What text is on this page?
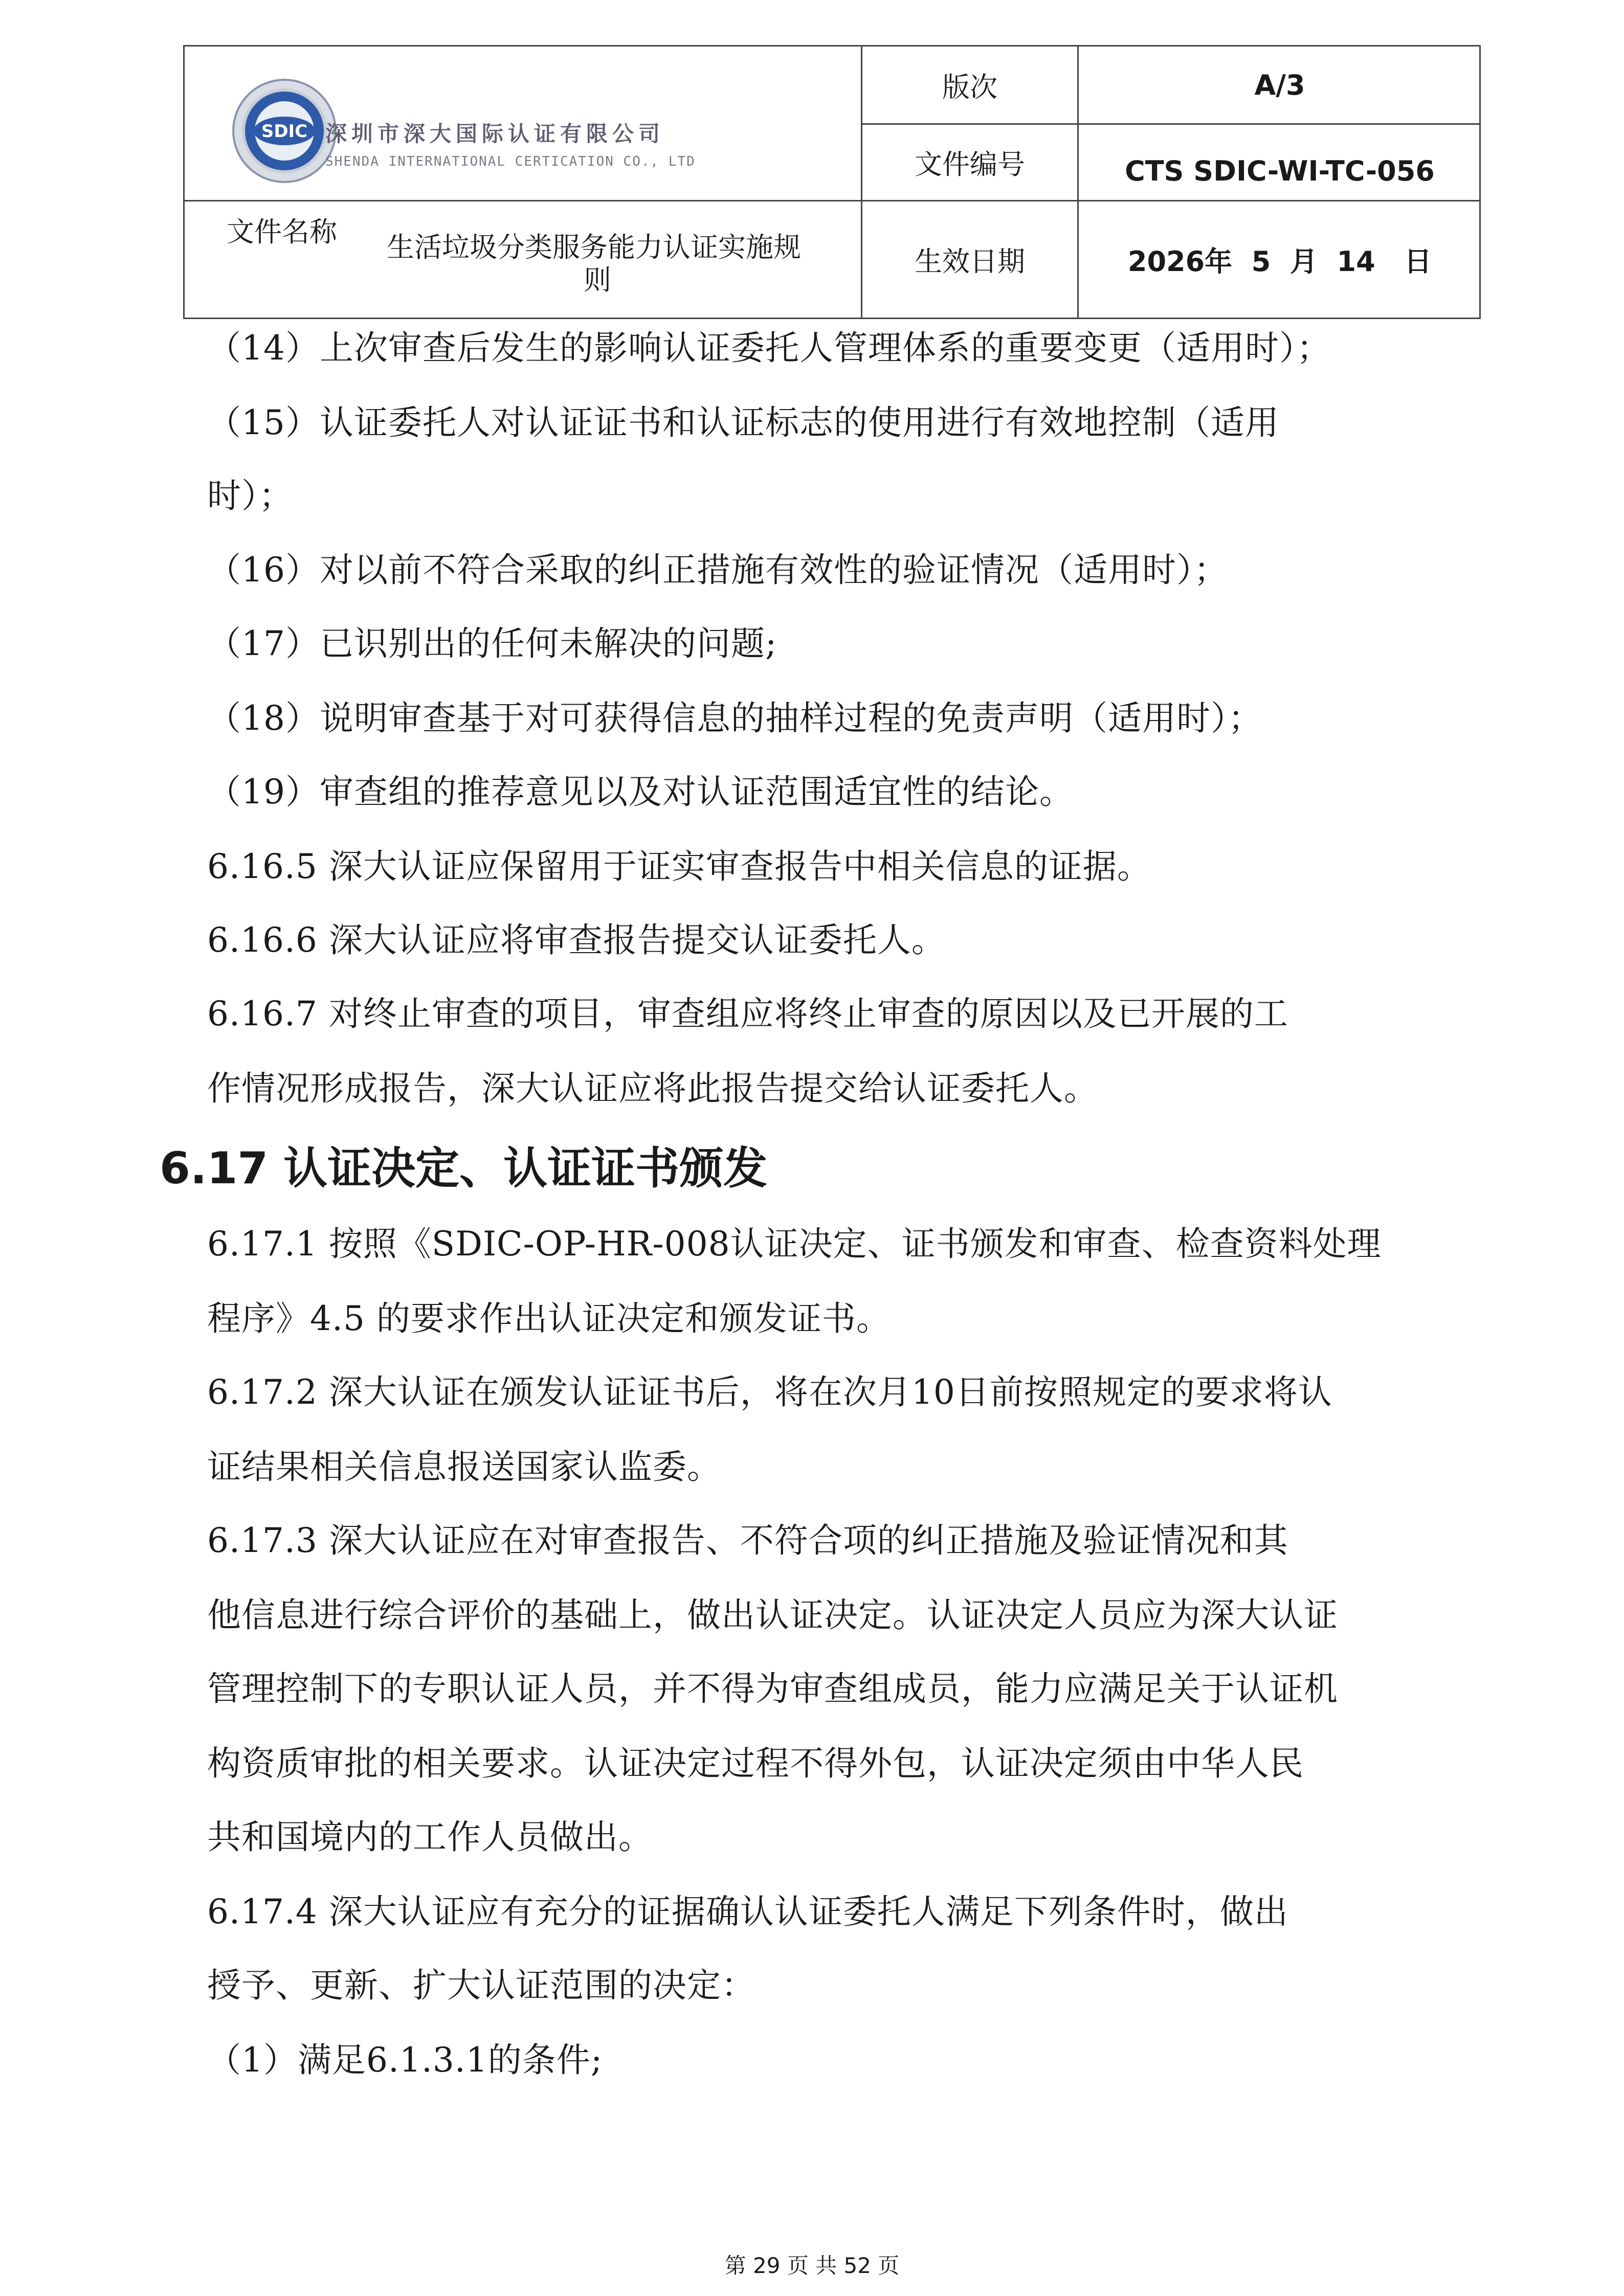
SDIC 深圳市深大国际认证有限公司
SHENDA INTERNATIONAL CERTICATION CO., LTD
版次	A/3
文件编号	CTS SDIC-WI-TC-056
文件名称	生活垃圾分类服务能力认证实施规
则
生效日期	2026年  5  月  14   日
（14）上次审查后发生的影响认证委托人管理体系的重要变更（适用时）；
（15）认证委托人对认证证书和认证标志的使用进行有效地控制（适用
时）；
（16）对以前不符合采取的纠正措施有效性的验证情况（适用时）；
（17）已识别出的任何未解决的问题;
（18）说明审查基于对可获得信息的抽样过程的免责声明（适用时）；
（19）审查组的推荐意见以及对认证范围适宜性的结论。
6.16.5 深大认证应保留用于证实审查报告中相关信息的证据。
6.16.6 深大认证应将审查报告提交认证委托人。
6.16.7 对终止审查的项目，审查组应将终止审查的原因以及已开展的工
作情况形成报告，深大认证应将此报告提交给认证委托人。
6.17 认证决定、认证证书颁发
6.17.1 按照《SDIC-OP-HR-008认证决定、证书颁发和审查、检查资料处理
程序》4.5 的要求作出认证决定和颁发证书。
6.17.2 深大认证在颁发认证证书后，将在次月10日前按照规定的要求将认
证结果相关信息报送国家认监委。
6.17.3 深大认证应在对审查报告、不符合项的纠正措施及验证情况和其
他信息进行综合评价的基础上，做出认证决定。认证决定人员应为深大认证
管理控制下的专职认证人员，并不得为审查组成员，能力应满足关于认证机
构资质审批的相关要求。认证决定过程不得外包，认证决定须由中华人民
共和国境内的工作人员做出。
6.17.4 深大认证应有充分的证据确认认证委托人满足下列条件时，做出
授予、更新、扩大认证范围的决定：
（1）满足6.1.3.1的条件;
第 29 页 共 52 页
